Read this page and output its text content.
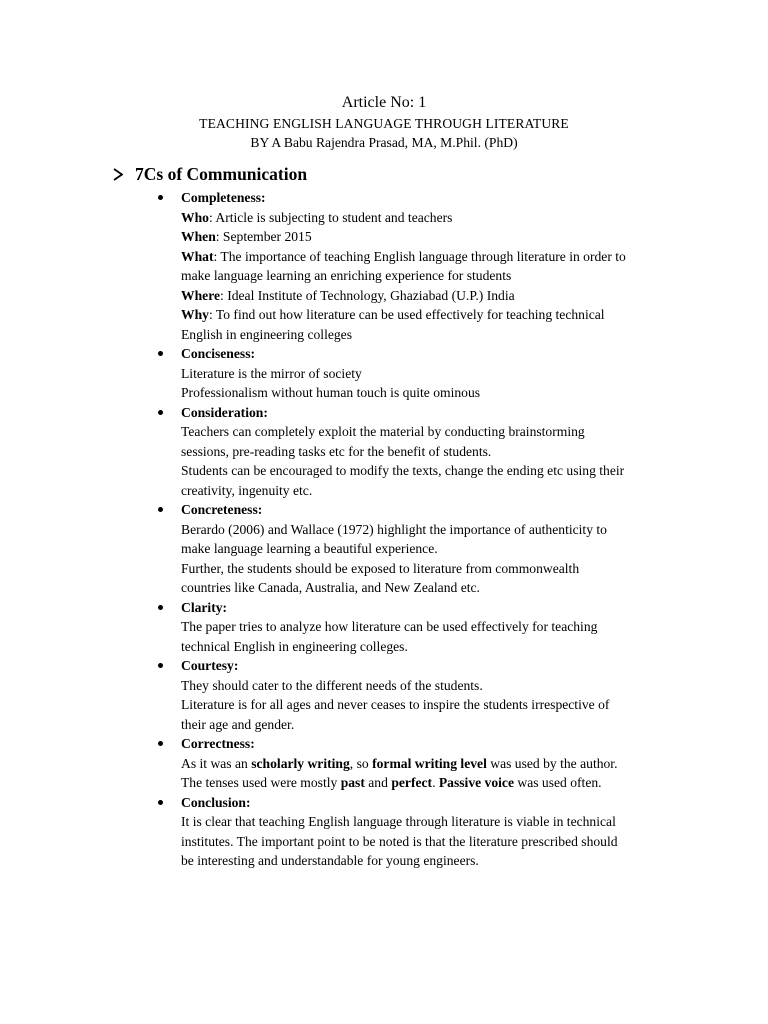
Article No: 1
TEACHING ENGLISH LANGUAGE THROUGH LITERATURE
BY A Babu Rajendra Prasad, MA, M.Phil. (PhD)
7Cs of Communication
Completeness:
Who: Article is subjecting to student and teachers
When: September 2015
What: The importance of teaching English language through literature in order to
make language learning an enriching experience for students
Where: Ideal Institute of Technology, Ghaziabad (U.P.) India
Why: To find out how literature can be used effectively for teaching technical
English in engineering colleges
Conciseness:
Literature is the mirror of society
Professionalism without human touch is quite ominous
Consideration:
Teachers can completely exploit the material by conducting brainstorming
sessions, pre-reading tasks etc for the benefit of students.
Students can be encouraged to modify the texts, change the ending etc using their
creativity, ingenuity etc.
Concreteness:
Berardo (2006) and Wallace (1972) highlight the importance of authenticity to
make language learning a beautiful experience.
Further, the students should be exposed to literature from commonwealth
countries like Canada, Australia, and New Zealand etc.
Clarity:
The paper tries to analyze how literature can be used effectively for teaching
technical English in engineering colleges.
Courtesy:
They should cater to the different needs of the students.
Literature is for all ages and never ceases to inspire the students irrespective of
their age and gender.
Correctness:
As it was an scholarly writing, so formal writing level was used by the author.
The tenses used were mostly past and perfect. Passive voice was used often.
Conclusion:
It is clear that teaching English language through literature is viable in technical
institutes. The important point to be noted is that the literature prescribed should
be interesting and understandable for young engineers.
